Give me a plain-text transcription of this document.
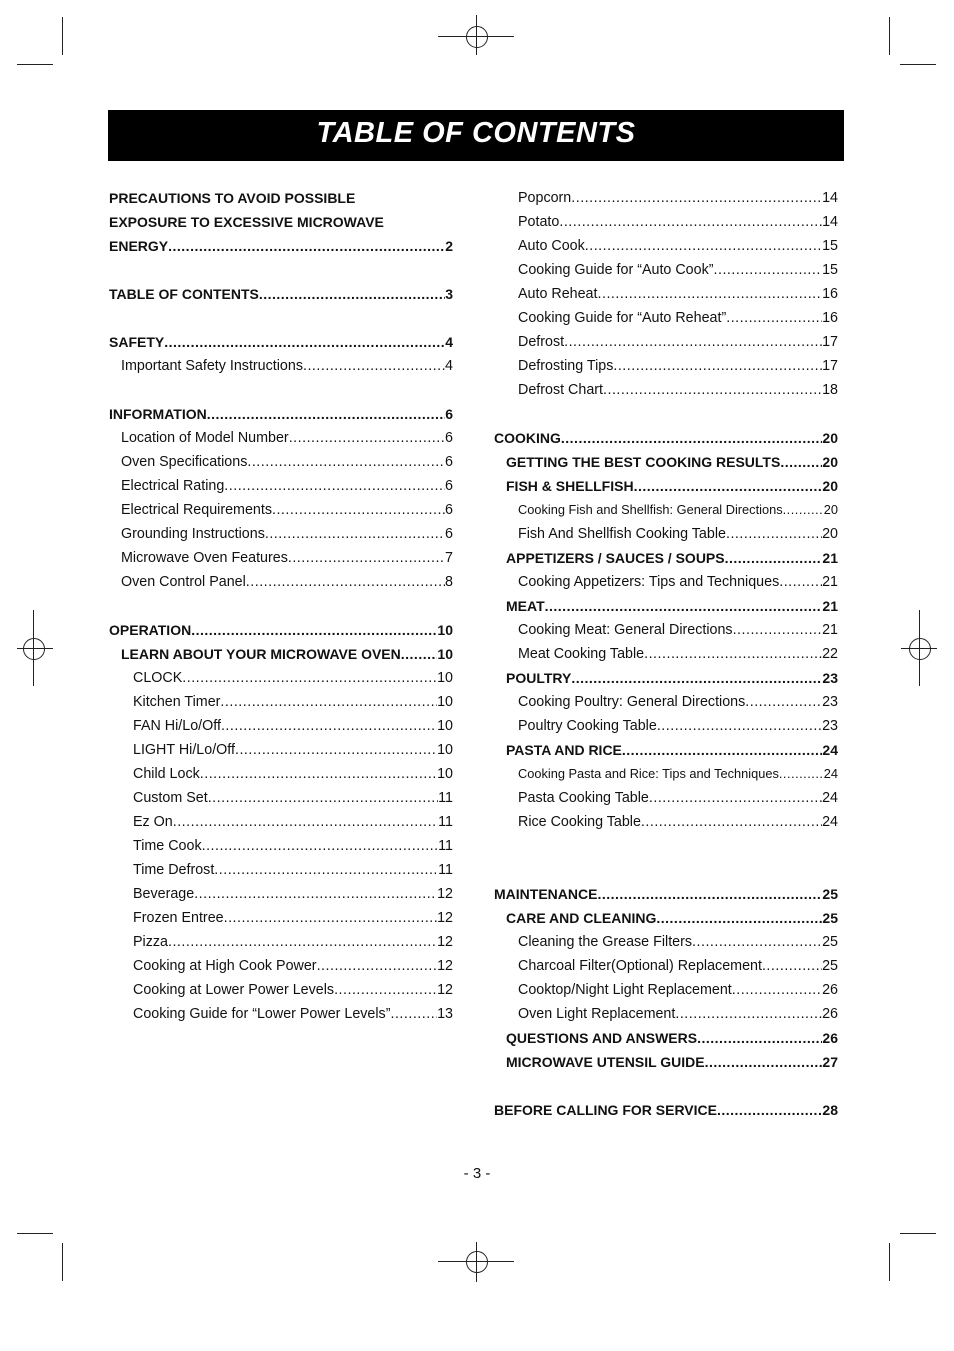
TABLE OF CONTENTS
PRECAUTIONS TO AVOID POSSIBLE
EXPOSURE TO EXCESSIVE MICROWAVE
ENERGY .....	2
TABLE OF CONTENTS .....	3
SAFETY .....	4
Important Safety Instructions .....	4
INFORMATION .....	6
Location of Model Number .....	6
Oven Specifications .....	6
Electrical Rating .....	6
Electrical Requirements .....	6
Grounding Instructions .....	6
Microwave Oven Features .....	7
Oven Control Panel .....	8
OPERATION .....	10
LEARN ABOUT YOUR MICROWAVE OVEN .....	10
CLOCK .....	10
Kitchen Timer .....	10
FAN Hi/Lo/Off .....	10
LIGHT Hi/Lo/Off .....	10
Child Lock .....	10
Custom Set .....	11
Ez On .....	11
Time Cook .....	11
Time Defrost .....	11
Beverage .....	12
Frozen Entree .....	12
Pizza .....	12
Cooking at High Cook Power .....	12
Cooking at Lower Power Levels .....	12
Cooking Guide for “Lower Power Levels” .....	13
Popcorn .....	14
Potato .....	14
Auto Cook .....	15
Cooking Guide for “Auto Cook” .....	15
Auto Reheat .....	16
Cooking Guide for “Auto Reheat” .....	16
Defrost .....	17
Defrosting Tips .....	17
Defrost Chart .....	18
COOKING .....	20
GETTING THE BEST COOKING RESULTS .....	20
FISH & SHELLFISH .....	20
Cooking Fish and Shellfish: General Directions .....	20
Fish And Shellfish Cooking Table .....	20
APPETIZERS / SAUCES / SOUPS .....	21
Cooking Appetizers: Tips and Techniques .....	21
MEAT .....	21
Cooking Meat: General Directions .....	21
Meat Cooking Table .....	22
POULTRY .....	23
Cooking Poultry: General Directions .....	23
Poultry Cooking Table .....	23
PASTA AND RICE .....	24
Cooking Pasta and Rice: Tips and Techniques .....	24
Pasta Cooking Table .....	24
Rice Cooking Table .....	24
MAINTENANCE .....	25
CARE AND CLEANING .....	25
Cleaning the Grease Filters .....	25
Charcoal Filter(Optional) Replacement .....	25
Cooktop/Night Light Replacement .....	26
Oven Light Replacement .....	26
QUESTIONS AND ANSWERS .....	26
MICROWAVE UTENSIL GUIDE .....	27
BEFORE CALLING FOR SERVICE .....	28
- 3 -
